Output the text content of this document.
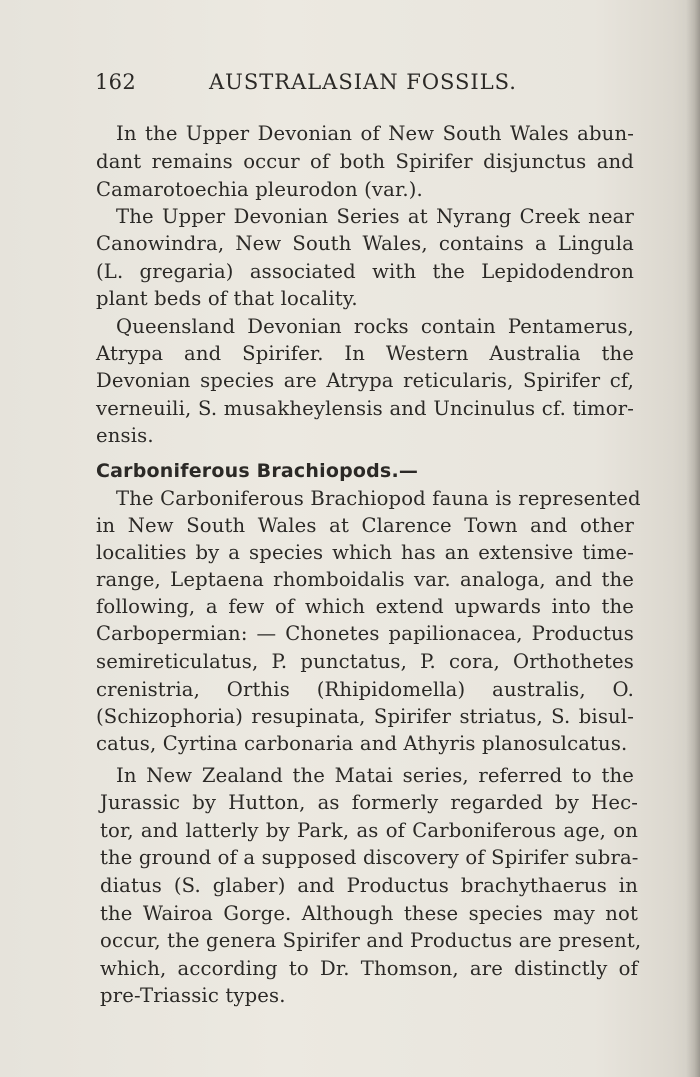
162	AUSTRALASIAN FOSSILS.
In the Upper Devonian of New South Wales abun-
dant remains occur of both Spirifer disjunctus and
Camarotoechia pleurodon (var.).
The Upper Devonian Series at Nyrang Creek near
Canowindra, New South Wales, contains a Lingula
(L. gregaria) associated with the Lepidodendron
plant beds of that locality.
Queensland Devonian rocks contain Pentamerus,
Atrypa and Spirifer. In Western Australia the
Devonian species are Atrypa reticularis, Spirifer cf,
verneuili, S. musakheylensis and Uncinulus cf. timor-
ensis.
Carboniferous Brachiopods.—
The Carboniferous Brachiopod fauna is represented
in New South Wales at Clarence Town and other
localities by a species which has an extensive time-
range, Leptaena rhomboidalis var. analoga, and the
following, a few of which extend upwards into the
Carbopermian: — Chonetes papilionacea, Productus
semireticulatus, P. punctatus, P. cora, Orthothetes
crenistria, Orthis (Rhipidomella) australis, O.
(Schizophoria) resupinata, Spirifer striatus, S. bisul-
catus, Cyrtina carbonaria and Athyris planosulcatus.
In New Zealand the Matai series, referred to the
Jurassic by Hutton, as formerly regarded by Hec-
tor, and latterly by Park, as of Carboniferous age, on
the ground of a supposed discovery of Spirifer subra-
diatus (S. glaber) and Productus brachythaerus in
the Wairoa Gorge. Although these species may not
occur, the genera Spirifer and Productus are present,
which, according to Dr. Thomson, are distinctly of
pre-Triassic types.
